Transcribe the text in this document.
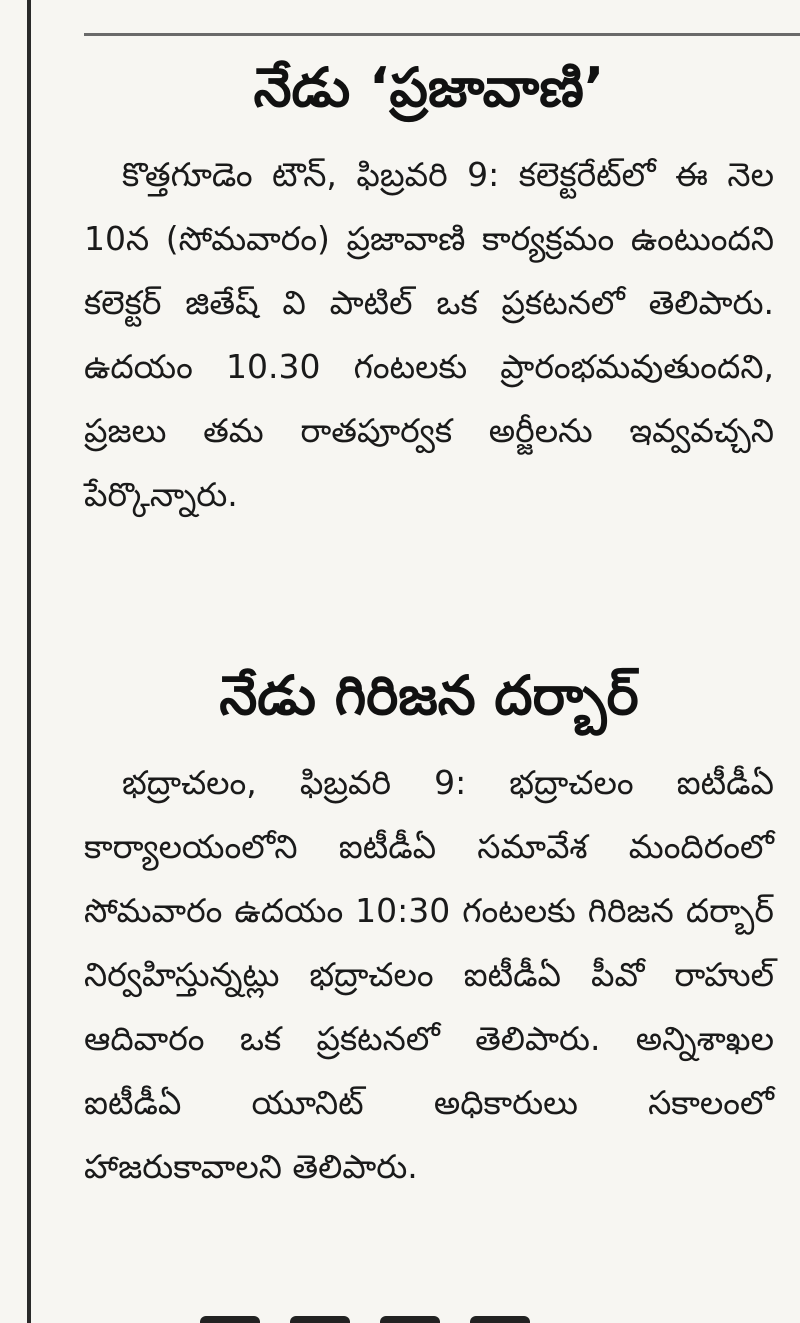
నేడు ‘ప్రజావాణి’

కొత్తగూడెం టౌన్, ఫిబ్రవరి 9: కలెక్టరేట్‌లో ఈ నెల 10న (సోమవారం) ప్రజావాణి కార్యక్రమం ఉంటుందని కలెక్టర్ జితేష్ వి పాటిల్ ఒక ప్రకటనలో తెలిపారు. ఉదయం 10.30 గంటలకు ప్రారంభమవుతుందని, ప్రజలు తమ రాతపూర్వక అర్జీలను ఇవ్వవచ్చని పేర్కొన్నారు.

నేడు గిరిజన దర్బార్

భద్రాచలం, ఫిబ్రవరి 9: భద్రాచలం ఐటీడీఏ కార్యాలయంలోని ఐటీడీఏ సమావేశ మందిరంలో సోమవారం ఉదయం 10:30 గంటలకు గిరిజన దర్బార్ నిర్వహిస్తున్నట్లు భద్రాచలం ఐటీడీఏ పీవో రాహుల్ ఆదివారం ఒక ప్రకటనలో తెలిపారు. అన్నిశాఖల ఐటీడీఏ యూనిట్ అధికారులు సకాలంలో హాజరుకావాలని తెలిపారు.
